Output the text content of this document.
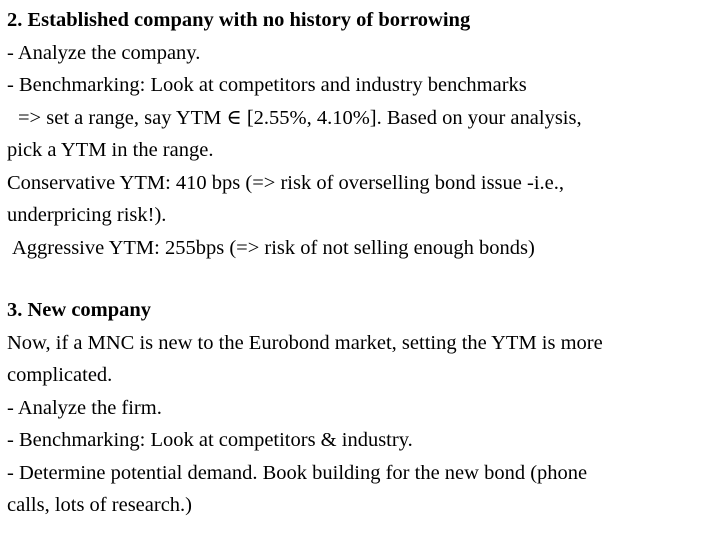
2. Established company with no history of borrowing
- Analyze the company.
- Benchmarking: Look at competitors and industry benchmarks
=> set a range, say YTM ∈ [2.55%, 4.10%]. Based on your analysis,
pick a YTM in the range.
Conservative YTM: 410 bps (=> risk of overselling bond issue -i.e.,
underpricing risk!).
Aggressive YTM: 255bps (=> risk of not selling enough bonds)
3. New company
Now, if a MNC is new to the Eurobond market, setting the YTM is more
complicated.
- Analyze the firm.
- Benchmarking: Look at competitors & industry.
- Determine potential demand. Book building for the new bond (phone
calls, lots of research.)
